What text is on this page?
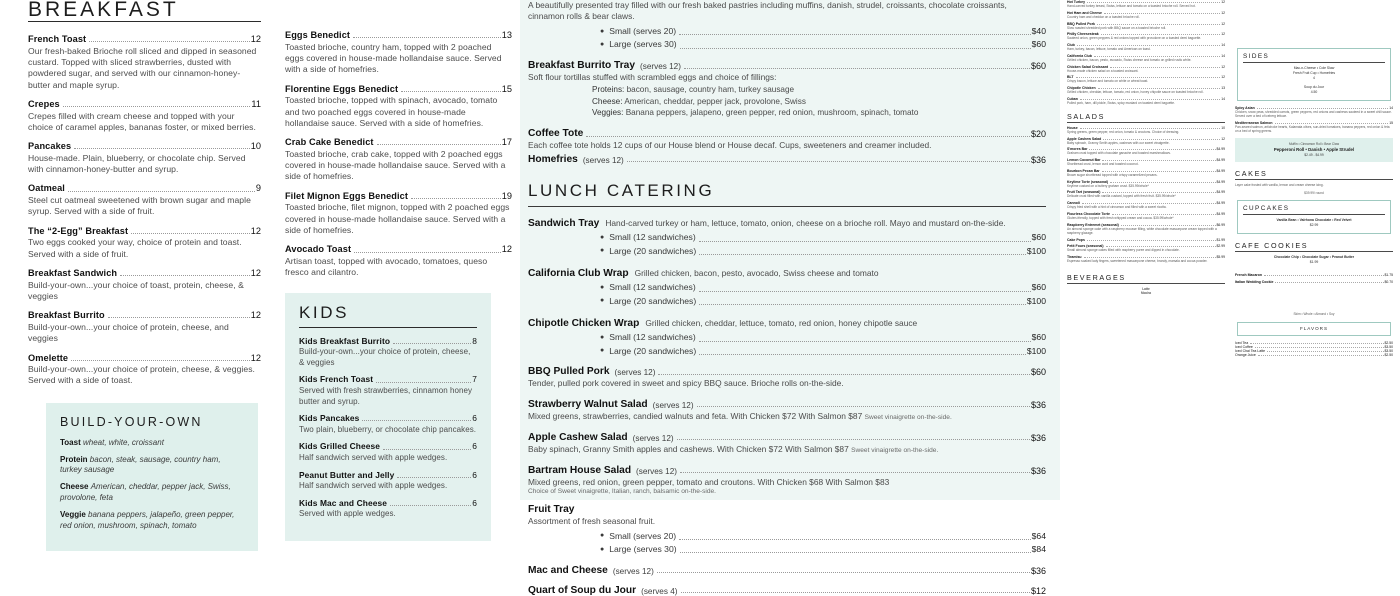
BREAKFAST
French Toast	12
Our fresh-baked Brioche roll sliced and dipped in seasoned custard. Topped with sliced strawberries, dusted with powdered sugar, and served with our cinnamon-honey-butter and maple syrup.
Crepes	11
Crepes filled with cream cheese and topped with your choice of caramel apples, bananas foster, or mixed berries.
Pancakes	10
House-made. Plain, blueberry, or chocolate chip. Served with cinnamon-honey-butter and syrup.
Oatmeal	9
Steel cut oatmeal sweetened with brown sugar and maple syrup. Served with a side of fruit.
The “2-Egg” Breakfast	12
Two eggs cooked your way, choice of protein and toast. Served with a side of fruit.
Breakfast Sandwich	12
Build-your-own...your choice of toast, protein, cheese, & veggies
Breakfast Burrito	12
Build-your-own...your choice of protein, cheese, and veggies
Omelette	12
Build-your-own...your choice of protein, cheese, & veggies. Served with a side of toast.
BUILD-YOUR-OWN
Toast wheat, white, croissant
Protein bacon, steak, sausage, country ham, turkey sausage
Cheese American, cheddar, pepper jack, Swiss, provolone, feta
Veggie banana peppers, jalapeño, green pepper, red onion, mushroom, spinach, tomato
Eggs Benedict	13
Toasted brioche, country ham, topped with 2 poached eggs covered in house-made hollandaise sauce. Served with a side of homefries.
Florentine Eggs Benedict	15
Toasted brioche, topped with spinach, avocado, tomato and two poached eggs covered in house-made hollandaise sauce. Served with a side of homefries.
Crab Cake Benedict	17
Toasted brioche, crab cake, topped with 2 poached eggs covered in house-made hollandaise sauce. Served with a side of homefries.
Filet Mignon Eggs Benedict	19
Toasted brioche, filet mignon, topped with 2 poached eggs covered in house-made hollandaise sauce. Served with a side of homefries.
Avocado Toast	12
Artisan toast, topped with avocado, tomatoes, queso fresco and cilantro.
KIDS
Kids Breakfast Burrito	8
Build-your-own...your choice of protein, cheese, & veggies
Kids French Toast	7
Served with fresh strawberries, cinnamon honey butter and syrup.
Kids Pancakes	6
Two plain, blueberry, or chocolate chip pancakes.
Kids Grilled Cheese	6
Half sandwich served with apple wedges.
Peanut Butter and Jelly	6
Half sandwich served with apple wedges.
Kids Mac and Cheese	6
Served with apple wedges.
A beautifully presented tray filled with our fresh baked pastries including muffins, danish, strudel, croissants, chocolate croissants,
cinnamon rolls & bear claws.
● Small (serves 20)	$40
● Large (serves 30)	$60
Breakfast Burrito Tray (serves 12)	$60
Soft flour tortillas stuffed with scrambled eggs and choice of fillings:
Proteins: bacon, sausage, country ham, turkey sausage
Cheese: American, cheddar, pepper jack, provolone, Swiss
Veggies: Banana peppers, jalapeno, green pepper, red onion, mushroom, spinach, tomato
Coffee Tote	$20
Each coffee tote holds 12 cups of our House blend or House decaf. Cups, sweeteners and creamer included.
Homefries (serves 12)	$36
LUNCH CATERING
Sandwich Tray Hand-carved turkey or ham, lettuce, tomato, onion, cheese on a brioche roll. Mayo and mustard on-the-side.
● Small (12 sandwiches)	$60
● Large (20 sandwiches)	$100
California Club Wrap Grilled chicken, bacon, pesto, avocado, Swiss cheese and tomato
● Small (12 sandwiches)	$60
● Large (20 sandwiches)	$100
Chipotle Chicken Wrap Grilled chicken, cheddar, lettuce, tomato, red onion, honey chipotle sauce
● Small (12 sandwiches)	$60
● Large (20 sandwiches)	$100
BBQ Pulled Pork (serves 12)	$60
Tender, pulled pork covered in sweet and spicy BBQ sauce. Brioche rolls on-the-side.
Strawberry Walnut Salad (serves 12)	$36
Mixed greens, strawberries, candied walnuts and feta. With Chicken $72 With Salmon $87 Sweet vinaigrette on-the-side.
Apple Cashew Salad (serves 12)	$36
Baby spinach, Granny Smith apples and cashews. With Chicken $72 With Salmon $87 Sweet vinaigrette on-the-side.
Bartram House Salad (serves 12)	$36
Mixed greens, red onion, green pepper, tomato and croutons. With Chicken $68 With Salmon $83
Choice of Sweet vinaigrette, Italian, ranch, balsamic on-the-side.
Fruit Tray
Assortment of fresh seasonal fruit.
● Small (serves 20)	$64
● Large (serves 30)	$84
Mac and Cheese (serves 12)	$36
Quart of Soup du Jour (serves 4)	$12
Hot Turkey	12
Hand-carved turkey breast, Swiss, lettuce and tomato on a toasted brioche roll. Served hot.
Hot Ham and Cheese	12
Country ham and cheddar on a toasted brioche roll.
BBQ Pulled Pork	12
Slow roasted shredded pork with BBQ sauce on a toasted brioche roll.
Philly Cheesesteak	12
Sauteed onion, green peppers & red onions topped with provolone on a toasted demi baguette.
Club	14
Ham, turkey, bacon, lettuce, tomato and American on toast.
California Club	14
Grilled chicken, bacon, pesto, avocado, Swiss cheese and tomato on grilled rustic white.
Chicken Salad Croissant	12
House-made chicken salad on a toasted croissant.
BLT	12
Crispy bacon, lettuce and tomato on white or wheat toast.
Chipotle Chicken	13
Grilled chicken, cheddar, lettuce, tomato, red onion, honey chipotle sauce on toasted brioche roll.
Cuban	14
Pulled pork, ham, dill pickle, Swiss, spicy mustard on toasted demi baguette.
SALADS
House	10
Spring greens, green pepper, red onion, tomato & croutons. Choice of dressing.
Apple Cashew Salad	12
Baby spinach, Granny Smith apples, cashews with our sweet vinaigrette.
S'mores Bar	$4.99
Graham crust topped with chocolate ganache and toasted marshmallows.
Lemon Coconut Bar	$4.99
Shortbread crust, lemon curd and toasted coconut.
Bourbon Pecan Bar	$4.99
Brown sugar shortbread topped with crispy caramelized pecans.
Keylime Torte (seasonal)	$4.99
Keylime custard on a buttery graham crust. $35.99/whole*
Fruit Tart (seasonal)	$4.99
Delicate crust filled with vanilla custard, topped with fresh fruit. $35.99/whole*
Cannoli	$4.99
Crispy fried shell with a hint of cinnamon and filled with a sweet ricotta.
Flourless Chocolate Torte	$4.99
Gluten-friendly, topped with fresh whipped cream and cocoa. $35.99/whole*
Raspberry Entremet (seasonal)	$6.99
An almond sponge cake with a raspberry mousse filling, white chocolate mascarpone cream topped with a raspberry glazage.
Cake Pops	$1.99
Petit Fours (seasonal)	$2.99
Small almond sponge cakes filled with raspberry puree and dipped in chocolate.
Tiramisu	$5.99
Espresso soaked lady fingers, sweetened mascarpone cheese, brandy, marsala and cocoa powder.
BEVERAGES
Latte
Mocha
SIDES
Mac-n-Cheese • Cole Slaw
Fresh Fruit Cup • Homefries
4
Soup du Jour
4.50
Spicy Asian	14
Chicken, snow peas, shredded carrots, green peppers, red onions and cashews sauteed in a sweet chili sauce. Served over a bed of iceberg lettuce.
Mediterranean Salmon	15
Pan-seared salmon, artichoke hearts, Kalamata olives, sun-dried tomatoes, banana peppers, red onion & feta on a bed of spring greens.
Muffin • Cinnamon Roll • Bear Claw
Pepperoni Roll • Danish • Apple Strudel
$2.49 - $4.99
CAKES
Layer cake frosted with vanilla, lemon and cream cheese icing.
$39.99/ round
CUPCAKES
Vanilla Bean • Valrhona Chocolate • Red Velvet
$2.99
CAFE COOKIES
Chocolate Chip • Chocolate Sugar • Peanut Butter
$1.99
French Macaron	$1.75
Italian Wedding Cookie	$0.70
Skim • Whole • Almond • Soy
FLAVORS
Iced Tea	$2.50
Iced Coffee	$3.50
Iced Chai Tea Latte	$3.50
Orange Juice	$2.50
